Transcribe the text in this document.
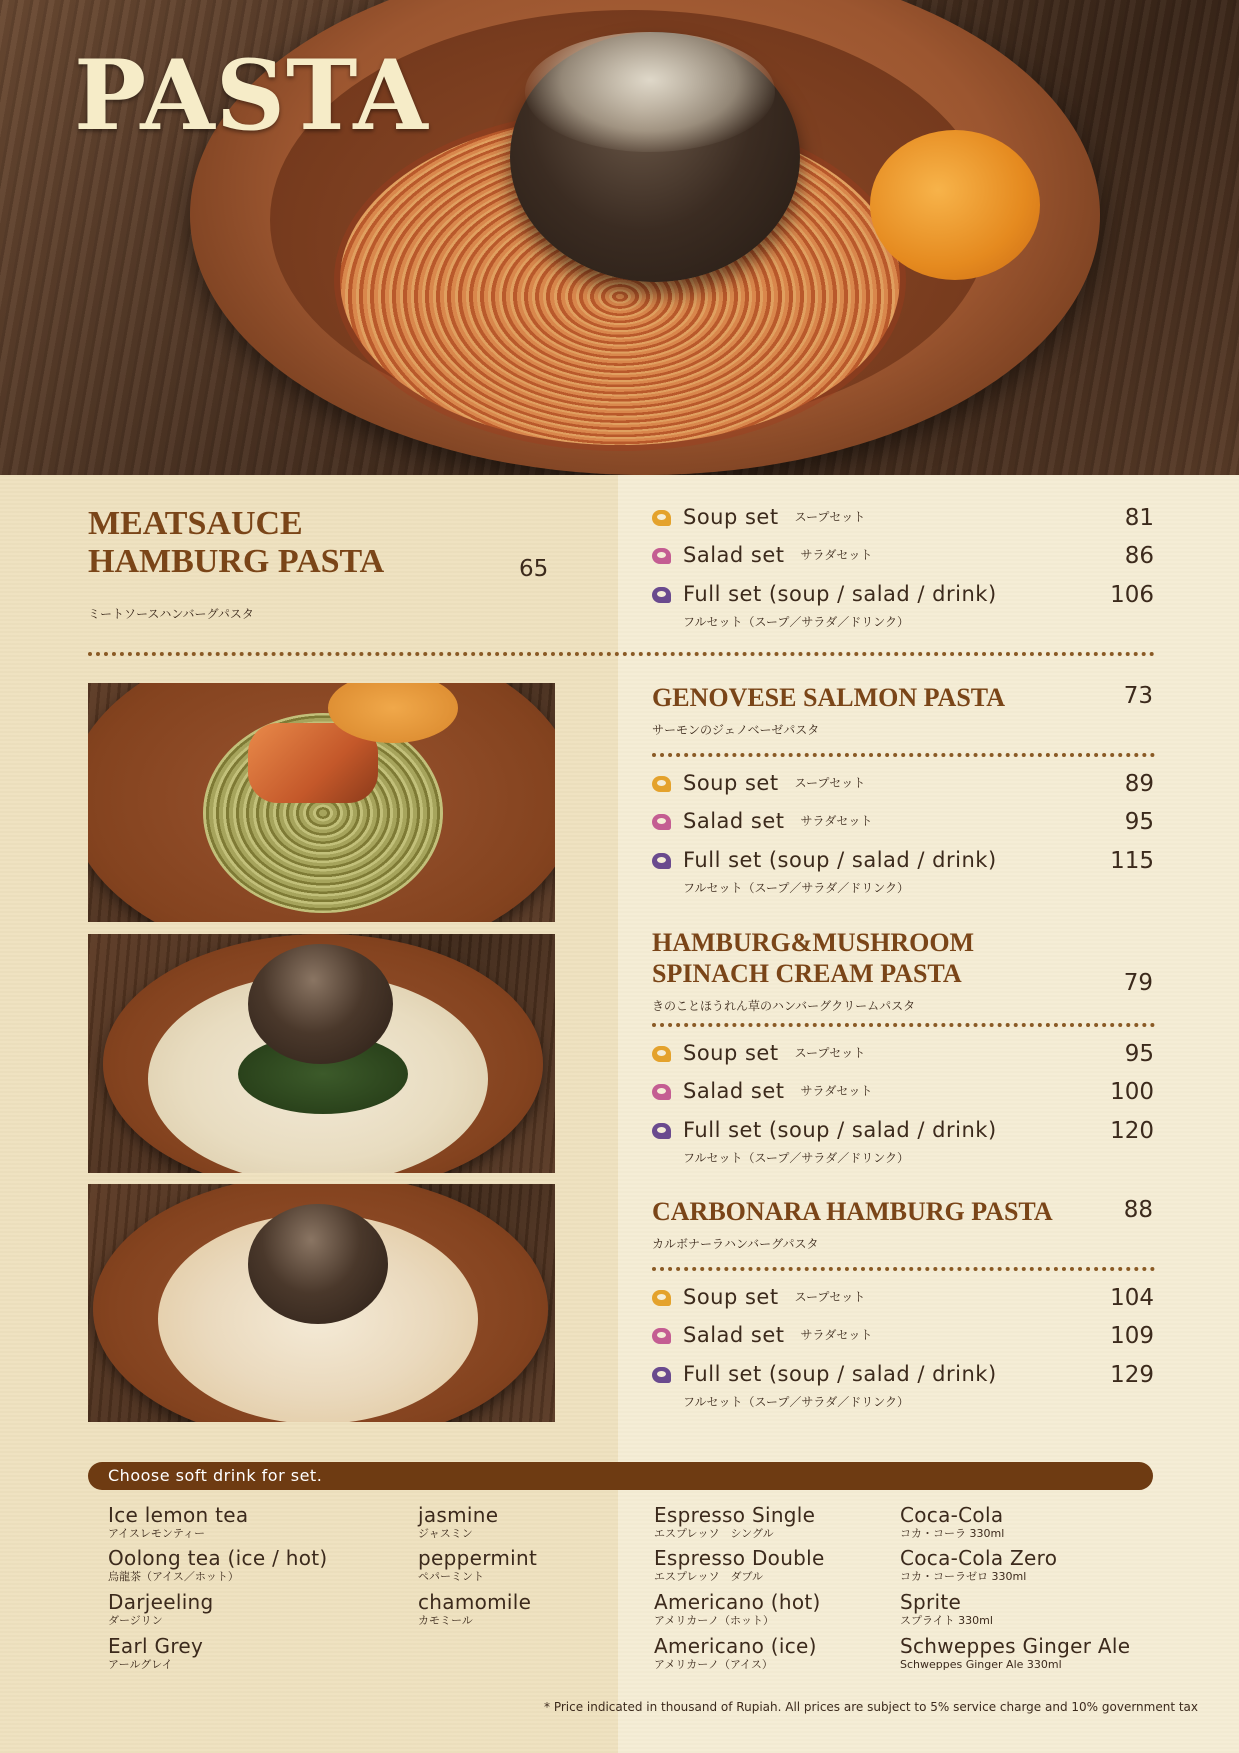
PASTA
MEATSAUCE
HAMBURG PASTA	65
ミートソースハンバーグパスタ
Soup set スープセット	81
Salad set サラダセット	86
Full set (soup / salad / drink)	106
フルセット（スープ／サラダ／ドリンク）
GENOVESE SALMON PASTA	73
サーモンのジェノベーゼパスタ
Soup set スープセット	89
Salad set サラダセット	95
Full set (soup / salad / drink)	115
フルセット（スープ／サラダ／ドリンク）
HAMBURG&MUSHROOM
SPINACH CREAM PASTA	79
きのことほうれん草のハンバーグクリームパスタ
Soup set スープセット	95
Salad set サラダセット	100
Full set (soup / salad / drink)	120
フルセット（スープ／サラダ／ドリンク）
CARBONARA HAMBURG PASTA	88
カルボナーラハンバーグパスタ
Soup set スープセット	104
Salad set サラダセット	109
Full set (soup / salad / drink)	129
フルセット（スープ／サラダ／ドリンク）
Choose soft drink for set.
Ice lemon tea
アイスレモンティー
Oolong tea (ice / hot)
烏龍茶（アイス／ホット）
Darjeeling
ダージリン
Earl Grey
アールグレイ
jasmine
ジャスミン
peppermint
ペパーミント
chamomile
カモミール
Espresso Single
エスプレッソ　シングル
Espresso Double
エスプレッソ　ダブル
Americano (hot)
アメリカーノ（ホット）
Americano (ice)
アメリカーノ（アイス）
Coca-Cola
コカ・コーラ 330ml
Coca-Cola Zero
コカ・コーラゼロ 330ml
Sprite
スプライト 330ml
Schweppes Ginger Ale
Schweppes Ginger Ale 330ml
* Price indicated in thousand of Rupiah. All prices are subject to 5% service charge and 10% government tax
